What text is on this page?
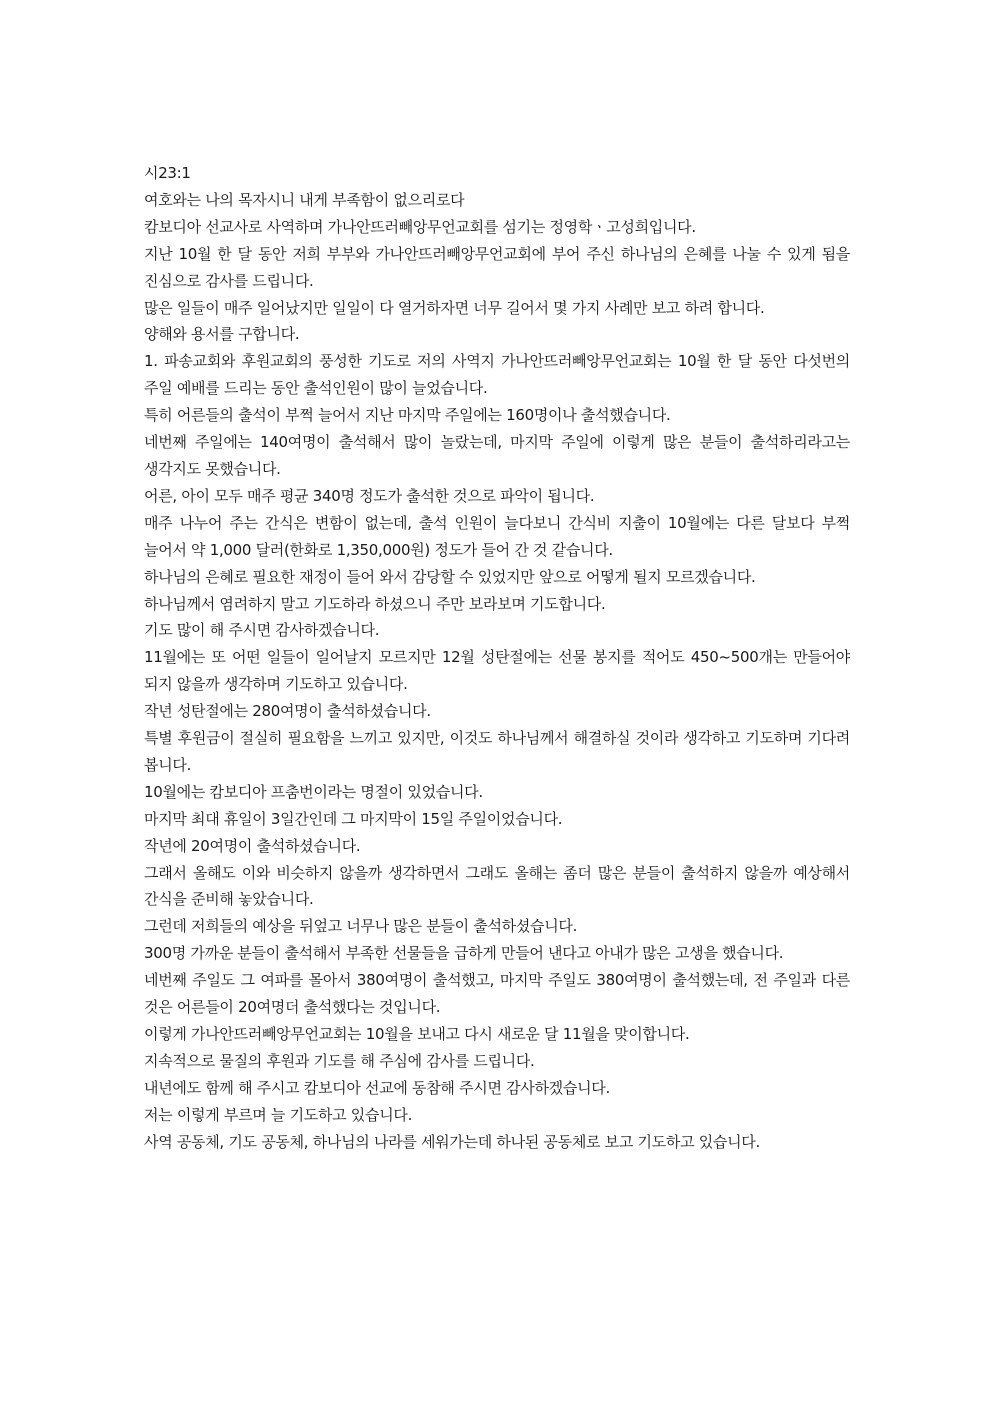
시23:1

여호와는 나의 목자시니 내게 부족함이 없으리로다

캄보디아 선교사로 사역하며 가나안뜨러빼앙무언교회를 섬기는 정영학ㆍ고성희입니다.

지난 10월 한 달 동안 저희 부부와 가나안뜨러빼앙무언교회에 부어 주신 하나님의 은혜를 나눌 수 있게 됨을 진심으로 감사를 드립니다.

많은 일들이 매주 일어났지만 일일이 다 열거하자면 너무 길어서 몇 가지 사례만 보고 하려 합니다.

양해와 용서를 구합니다.

1. 파송교회와 후원교회의 풍성한 기도로 저의 사역지 가나안뜨러빼앙무언교회는 10월 한 달 동안 다섯번의 주일 예배를 드리는 동안 출석인원이 많이 늘었습니다.

특히 어른들의 출석이 부쩍 늘어서 지난 마지막 주일에는 160명이나 출석했습니다.

네번째 주일에는 140여명이 출석해서 많이 놀랐는데, 마지막 주일에 이렇게 많은 분들이 출석하리라고는 생각지도 못했습니다.

어른, 아이 모두 매주 평균 340명 정도가 출석한 것으로 파악이 됩니다.

매주 나누어 주는 간식은 변함이 없는데, 출석 인원이 늘다보니 간식비 지출이 10월에는 다른 달보다 부쩍 늘어서 약 1,000 달러(한화로 1,350,000원) 정도가 들어 간 것 같습니다.

하나님의 은혜로 필요한 재정이 들어 와서 감당할 수 있었지만 앞으로 어떻게 될지 모르겠습니다.

하나님께서 염려하지 말고 기도하라 하셨으니 주만 보라보며 기도합니다.

기도 많이 해 주시면 감사하겠습니다.

11월에는 또 어떤 일들이 일어날지 모르지만 12월 성탄절에는 선물 봉지를 적어도 450~500개는 만들어야 되지 않을까 생각하며 기도하고 있습니다.

작년 성탄절에는 280여명이 출석하셨습니다.

특별 후원금이 절실히 필요함을 느끼고 있지만, 이것도 하나님께서 해결하실 것이라 생각하고 기도하며 기다려 봅니다.

10월에는 캄보디아 프춤번이라는 명절이 있었습니다.

마지막 최대 휴일이 3일간인데 그 마지막이 15일 주일이었습니다.

작년에 20여명이 출석하셨습니다.

그래서 올해도 이와 비슷하지 않을까 생각하면서 그래도 올해는 좀더 많은 분들이 출석하지 않을까 예상해서 간식을 준비해 놓았습니다.

그런데 저희들의 예상을 뒤엎고 너무나 많은 분들이 출석하셨습니다.

300명 가까운 분들이 출석해서 부족한 선물들을 급하게 만들어 낸다고 아내가 많은 고생을 했습니다.

네번째 주일도 그 여파를 몰아서 380여명이 출석했고, 마지막 주일도 380여명이 출석했는데, 전 주일과 다른 것은 어른들이 20여명더 출석했다는 것입니다.

이렇게 가나안뜨러빼앙무언교회는 10월을 보내고 다시 새로운 달 11월을 맞이합니다.

지속적으로 물질의 후원과 기도를 해 주심에 감사를 드립니다.

내년에도 함께 해 주시고 캄보디아 선교에 동참해 주시면 감사하겠습니다.

저는 이렇게 부르며 늘 기도하고 있습니다.

사역 공동체, 기도 공동체, 하나님의 나라를 세워가는데 하나된 공동체로 보고 기도하고 있습니다.
